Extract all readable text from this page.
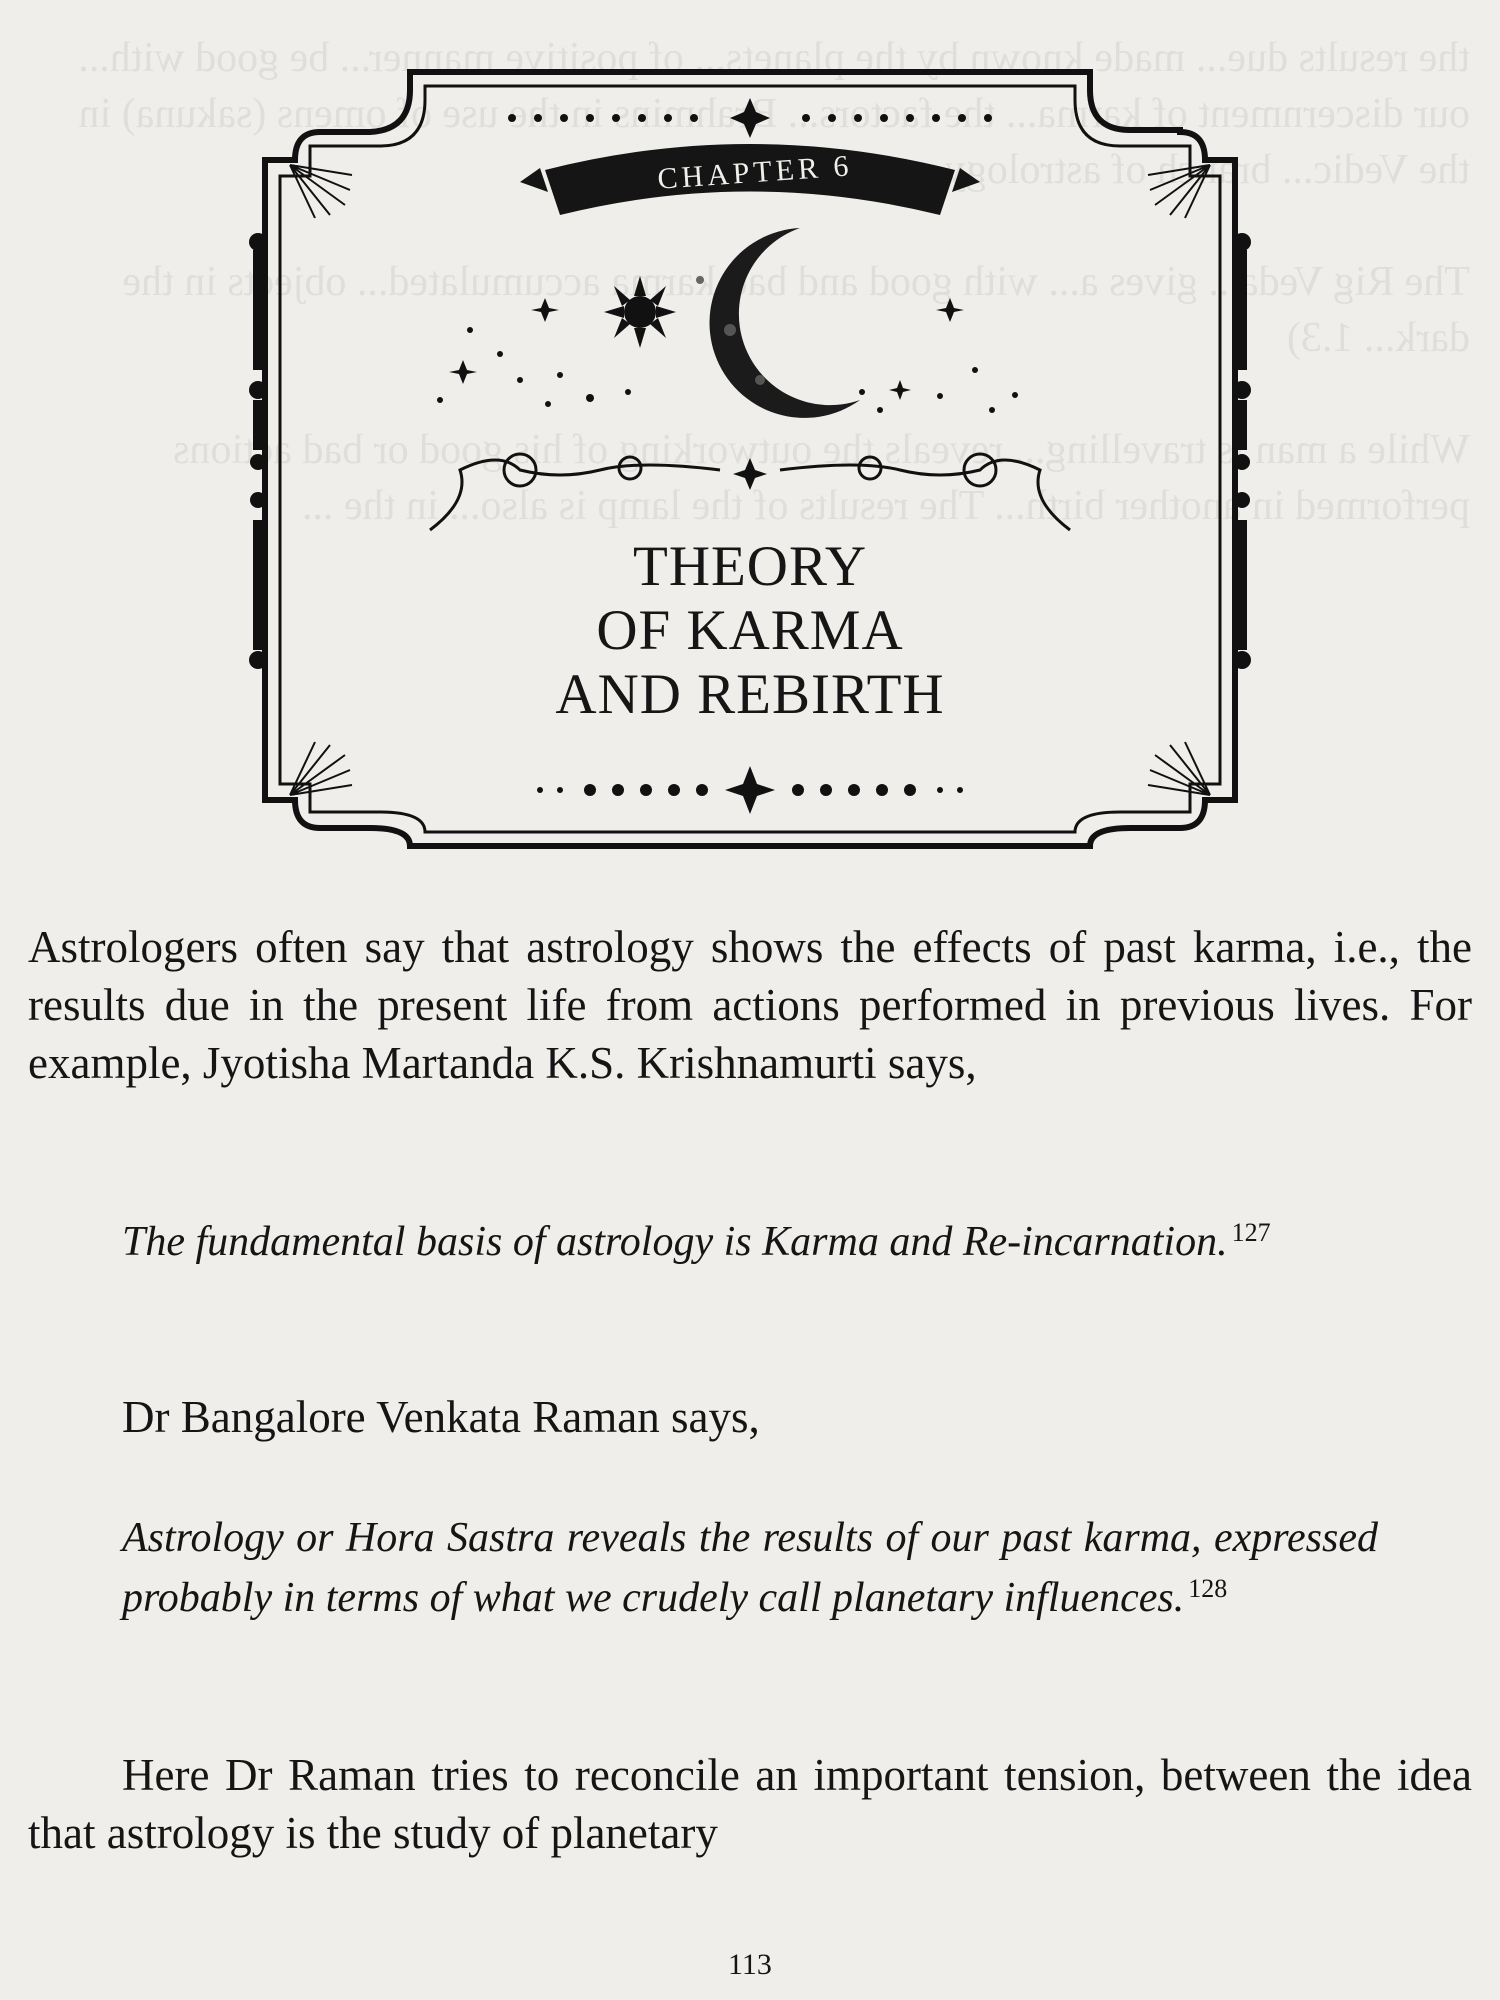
the results due... made known by the planets... of positive manner... be good with... our discernment of karma... the factors... Brahmins in the use of omens (sakuna) in the Vedic... branch of astrology.

The Rig Veda... gives a... with good and bad karma accumulated... objects in the dark... 1.3)

While a man is travelling... reveals the outworking of his good or bad actions performed in another birth... The results of the lamp is also... in the ...
CHAPTER 6
THEORY
OF KARMA
AND REBIRTH

Astrologers often say that astrology shows the effects of past karma, i.e., the results due in the present life from actions performed in previous lives. For example, Jyotisha Martanda K.S. Krishnamurti says,

The fundamental basis of astrology is Karma and Re-incarnation. $^{127}$

Dr Bangalore Venkata Raman says,

Astrology or Hora Sastra reveals the results of our past karma, expressed probably in terms of what we crudely call planetary influences. $^{128}$

Here Dr Raman tries to reconcile an important tension, between the idea that astrology is the study of planetary

113
